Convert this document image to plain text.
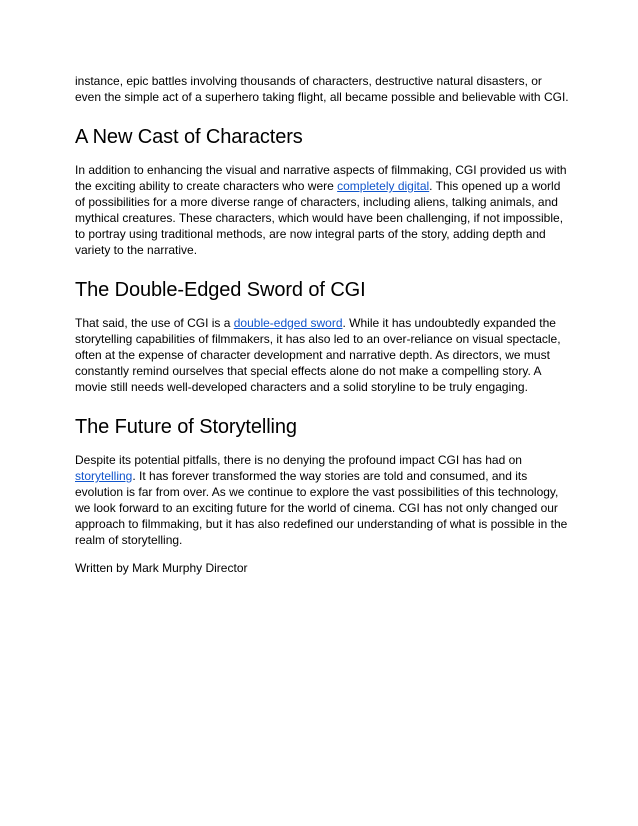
instance, epic battles involving thousands of characters, destructive natural disasters, or even the simple act of a superhero taking flight, all became possible and believable with CGI.

A New Cast of Characters

In addition to enhancing the visual and narrative aspects of filmmaking, CGI provided us with the exciting ability to create characters who were completely digital. This opened up a world of possibilities for a more diverse range of characters, including aliens, talking animals, and mythical creatures. These characters, which would have been challenging, if not impossible, to portray using traditional methods, are now integral parts of the story, adding depth and variety to the narrative.

The Double-Edged Sword of CGI

That said, the use of CGI is a double-edged sword. While it has undoubtedly expanded the storytelling capabilities of filmmakers, it has also led to an over-reliance on visual spectacle, often at the expense of character development and narrative depth. As directors, we must constantly remind ourselves that special effects alone do not make a compelling story. A movie still needs well-developed characters and a solid storyline to be truly engaging.

The Future of Storytelling

Despite its potential pitfalls, there is no denying the profound impact CGI has had on storytelling. It has forever transformed the way stories are told and consumed, and its evolution is far from over. As we continue to explore the vast possibilities of this technology, we look forward to an exciting future for the world of cinema. CGI has not only changed our approach to filmmaking, but it has also redefined our understanding of what is possible in the realm of storytelling.

Written by Mark Murphy Director
